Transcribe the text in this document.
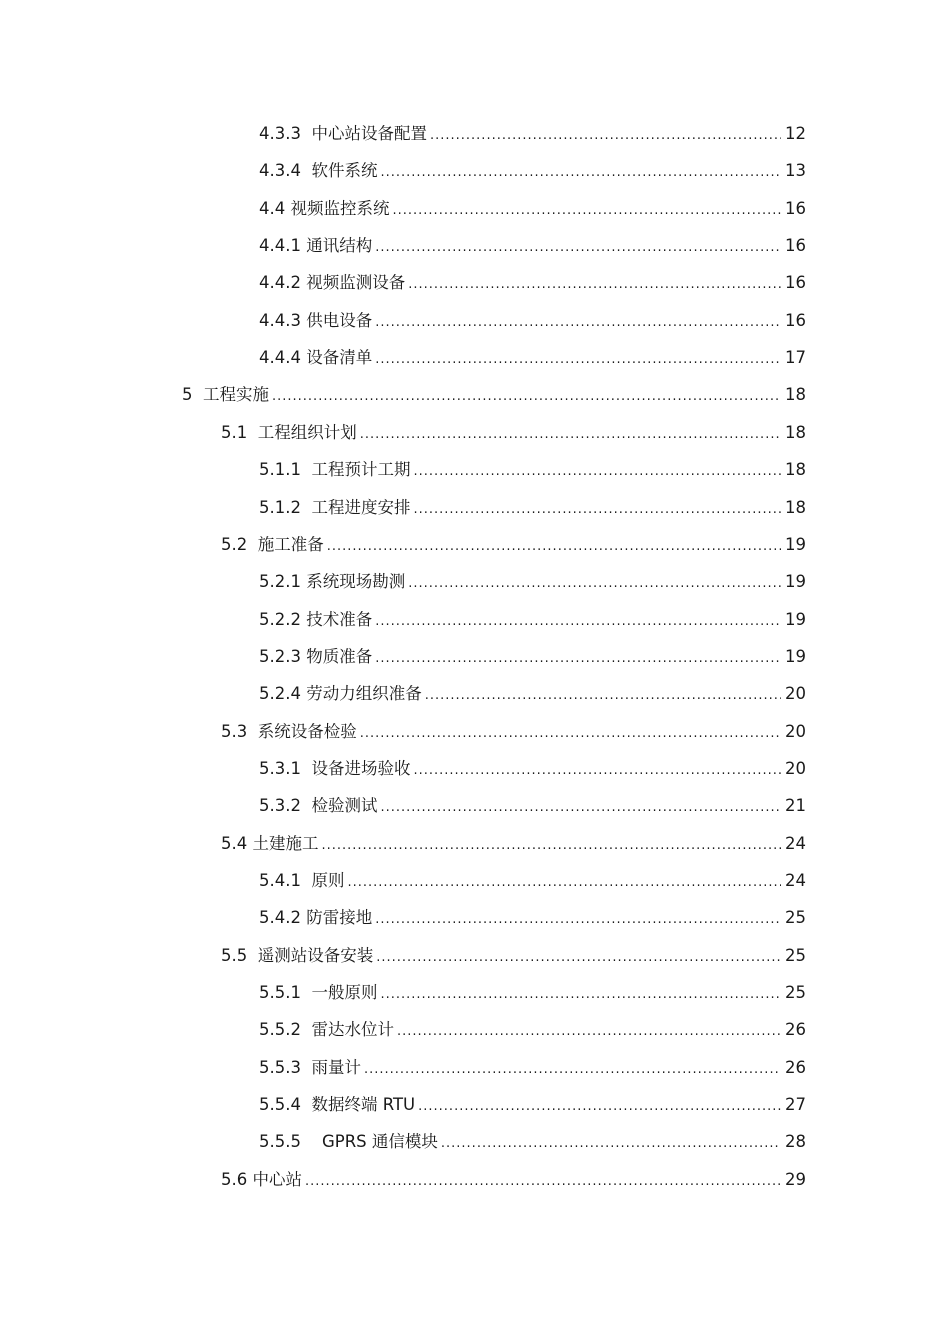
4.3.3  中心站设备配置 .....	12
4.3.4  软件系统 .....	13
4.4 视频监控系统 .....	16
4.4.1 通讯结构 .....	16
4.4.2 视频监测设备 .....	16
4.4.3 供电设备 .....	16
4.4.4 设备清单 .....	17
5  工程实施 .....	18
5.1  工程组织计划 .....	18
5.1.1  工程预计工期 .....	18
5.1.2  工程进度安排 .....	18
5.2  施工准备 .....	19
5.2.1 系统现场勘测 .....	19
5.2.2 技术准备 .....	19
5.2.3 物质准备 .....	19
5.2.4 劳动力组织准备 .....	20
5.3  系统设备检验 .....	20
5.3.1  设备进场验收 .....	20
5.3.2  检验测试 .....	21
5.4 土建施工 .....	24
5.4.1  原则 .....	24
5.4.2 防雷接地 .....	25
5.5  遥测站设备安装 .....	25
5.5.1  一般原则 .....	25
5.5.2  雷达水位计 .....	26
5.5.3  雨量计 .....	26
5.5.4  数据终端 RTU .....	27
5.5.5    GPRS 通信模块 .....	28
5.6 中心站 .....	29
